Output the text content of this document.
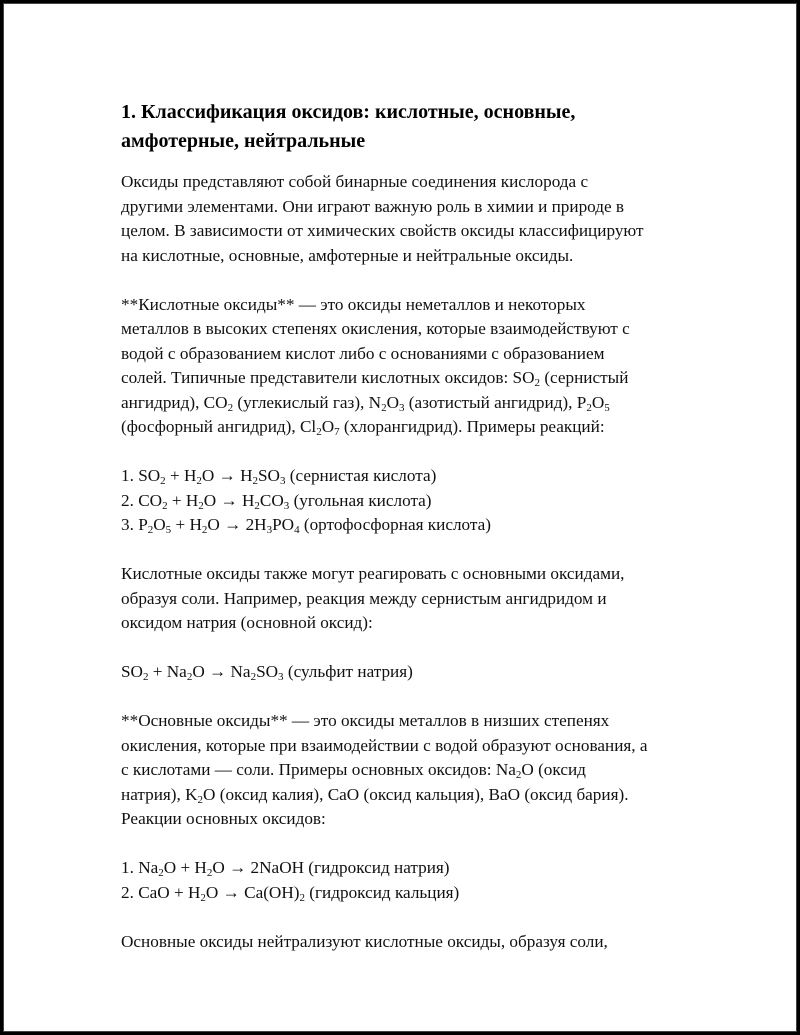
1. Классификация оксидов: кислотные, основные, амфотерные, нейтральные

Оксиды представляют собой бинарные соединения кислорода с
другими элементами. Они играют важную роль в химии и природе в
целом. В зависимости от химических свойств оксиды классифицируют
на кислотные, основные, амфотерные и нейтральные оксиды.

**Кислотные оксиды** — это оксиды неметаллов и некоторых
металлов в высоких степенях окисления, которые взаимодействуют с
водой с образованием кислот либо с основаниями с образованием
солей. Типичные представители кислотных оксидов: $SO_2$ (сернистый
ангидрид), $CO_2$ (углекислый газ), $N_2O_3$ (азотистый ангидрид), $P_2O_5$
(фосфорный ангидрид), $Cl_2O_7$ (хлорангидрид). Примеры реакций:

1. $SO_2 + H_2O \to H_2SO_3$ (сернистая кислота)
2. $CO_2 + H_2O \to H_2CO_3$ (угольная кислота)
3. $P_2O_5 + H_2O \to 2H_3PO_4$ (ортофосфорная кислота)

Кислотные оксиды также могут реагировать с основными оксидами,
образуя соли. Например, реакция между сернистым ангидридом и
оксидом натрия (основной оксид):

$SO_2 + Na_2O \to Na_2SO_3$ (сульфит натрия)

**Основные оксиды** — это оксиды металлов в низших степенях
окисления, которые при взаимодействии с водой образуют основания, а
с кислотами — соли. Примеры основных оксидов: $Na_2O$ (оксид
натрия), $K_2O$ (оксид калия), CaO (оксид кальция), BaO (оксид бария).
Реакции основных оксидов:

1. $Na_2O + H_2O$ → 2NaOH (гидроксид натрия)
2. CaO + $H_2O \to Ca(OH)_2$ (гидроксид кальция)

Основные оксиды нейтрализуют кислотные оксиды, образуя соли,
